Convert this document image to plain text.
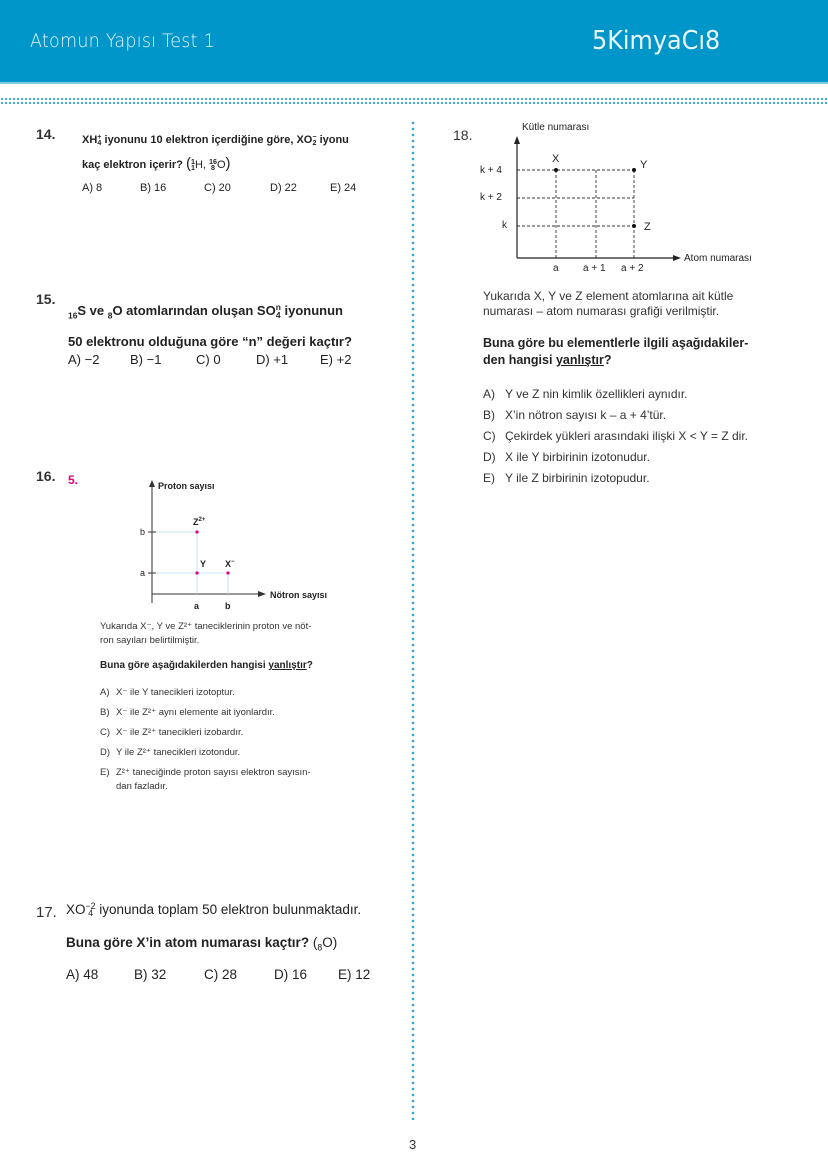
Atomun Yapısı Test 1	5KimyaCı8
14. XH +
4 iyonunu 10 elektron içerdiğine göre, XO −
2 iyonu
kaç elektron içerir? ( 1
1 H, 16
8 O)
A) 8	B) 16	C) 20	D) 22	E) 24
15.
$_{16}$S ve $_8$O atomlarından oluşan SO n
4 iyonunun
50 elektronu olduğuna göre “n” değeri kaçtır?
A) −2	B) −1	C) 0	D) +1	E) +2
16. 5.	Proton sayısı
Nötron sayısı
b
a
$Z^{2+}$
Y X−
a	b
Yukarıda X⁻, Y ve Z²⁺ taneciklerinin proton ve nöt-
ron sayıları belirtilmiştir.
Buna göre aşağıdakilerden hangisi yanlıştır?
A) X⁻ ile Y tanecikleri izotoptur.
B) X⁻ ile Z²⁺ aynı elemente ait iyonlardır.
C) X⁻ ile Z²⁺ tanecikleri izobardır.
D) Y ile Z²⁺ tanecikleri izotondur.
E) Z²⁺ taneciğinde proton sayısı elektron sayısın-
dan fazladır.
17. XO −2
4 iyonunda toplam 50 elektron bulunmaktadır.
Buna göre X’in atom numarası kaçtır? $(_8O)$
A) 48	B) 32	C) 28	D) 16	E) 12
18.	Kütle numarası
Atom numarası
k + 4
k + 2
k
X	Y
Z
a a + 1 a + 2
Yukarıda X, Y ve Z element atomlarına ait kütle
numarası – atom numarası grafiği verilmiştir.
Buna göre bu elementlerle ilgili aşağıdakiler-
den hangisi yanlıştır?
A) Y ve Z nin kimlik özellikleri aynıdır.
B) X’in nötron sayısı k – a + 4’tür.
C) Çekirdek yükleri arasındaki ilişki X < Y = Z dir.
D) X ile Y birbirinin izotonudur.
E) Y ile Z birbirinin izotopudur.
3
